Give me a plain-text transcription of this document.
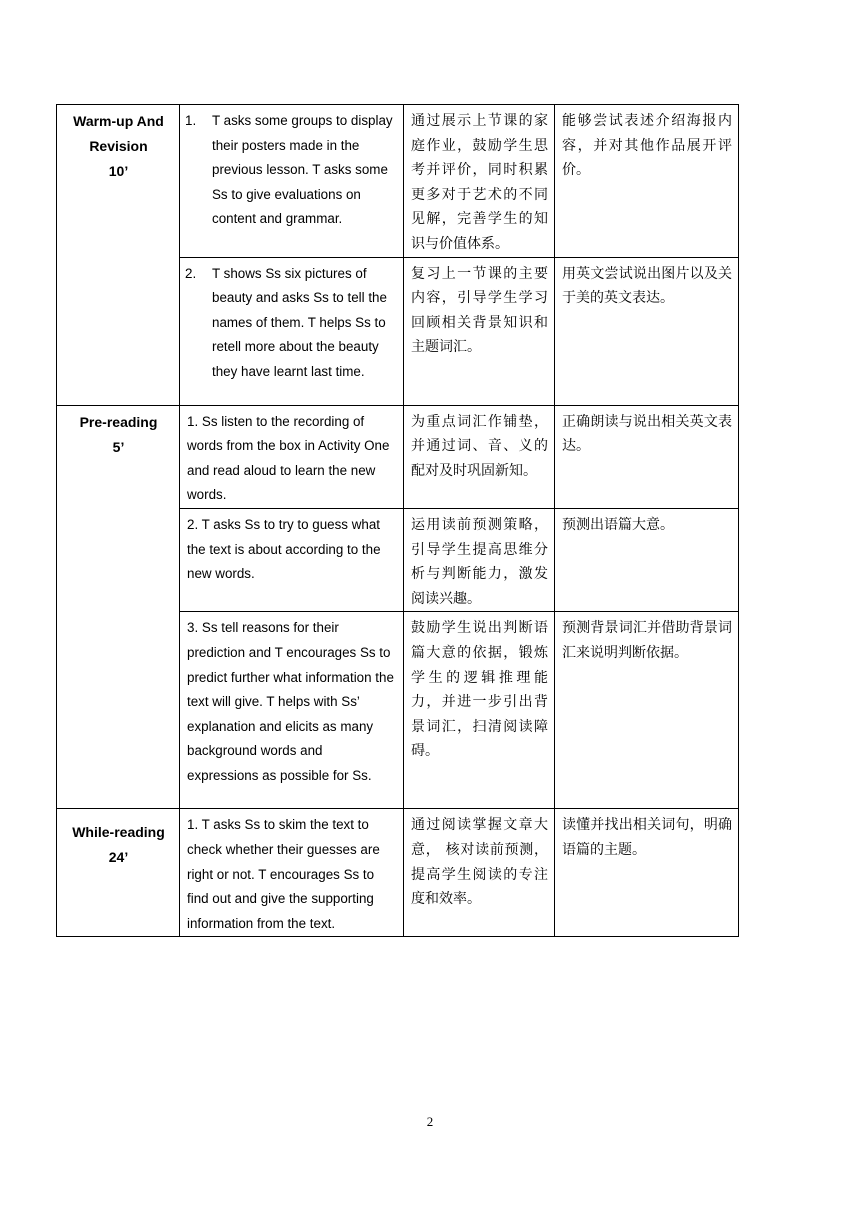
Warm-up And Revision
10’	1. T asks some groups to display their posters made in the previous lesson. T asks some Ss to give evaluations on content and grammar.	通过展示上节课的家庭作业，鼓励学生思考并评价，同时积累更多对于艺术的不同见解，完善学生的知识与价值体系。	能够尝试表述介绍海报内容，并对其他作品展开评价。

	2. T shows Ss six pictures of beauty and asks Ss to tell the names of them. T helps Ss to retell more about the beauty they have learnt last time.	复习上一节课的主要内容，引导学生学习回顾相关背景知识和主题词汇。	用英文尝试说出图片以及关于美的英文表达。

Pre-reading
5’	1. Ss listen to the recording of words from the box in Activity One and read aloud to learn the new words.	为重点词汇作铺垫，并通过词、音、义的配对及时巩固新知。	正确朗读与说出相关英文表达。
	2. T asks Ss to try to guess what the text is about according to the new words.	运用读前预测策略，引导学生提高思维分析与判断能力，激发阅读兴趣。	预测出语篇大意。
	3. Ss tell reasons for their prediction and T encourages Ss to predict further what information the text will give. T helps with Ss’ explanation and elicits as many background words and expressions as possible for Ss.	鼓励学生说出判断语篇大意的依据，锻炼学生的逻辑推理能力，并进一步引出背景词汇，扫清阅读障碍。	预测背景词汇并借助背景词汇来说明判断依据。

While-reading
24’	1. T asks Ss to skim the text to check whether their guesses are right or not. T encourages Ss to find out and give the supporting information from the text.	通过阅读掌握文章大意， 核对读前预测，提高学生阅读的专注度和效率。	读懂并找出相关词句，明确语篇的主题。
2
